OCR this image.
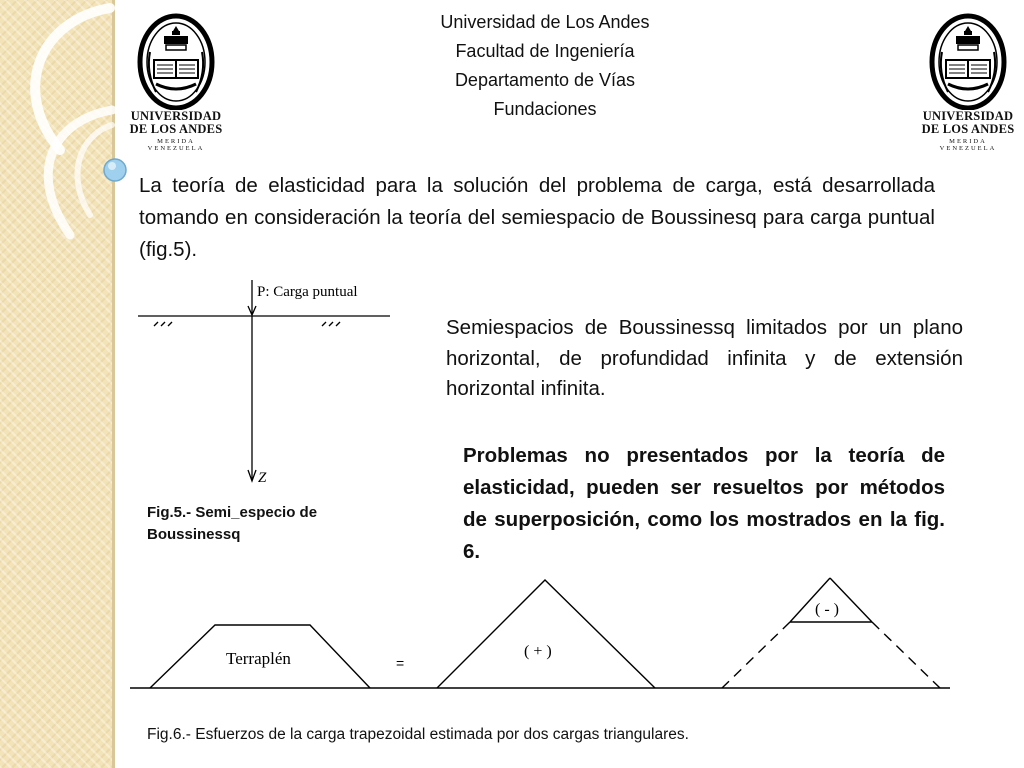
UNIVERSIDAD
DE LOS ANDES
MERIDA VENEZUELA
UNIVERSIDAD
DE LOS ANDES
MERIDA VENEZUELA
Universidad de Los Andes
Facultad de Ingeniería
Departamento de Vías
Fundaciones
La teoría de elasticidad para la solución del problema de carga, está desarrollada tomando en consideración la teoría del semiespacio de Boussinesq para carga puntual (fig.5).
Semiespacios de Boussinessq limitados por un plano horizontal, de profundidad infinita y de extensión horizontal infinita.
Problemas no presentados por la teoría de elasticidad, pueden ser resueltos por métodos de superposición, como los mostrados en la fig. 6.
P: Carga puntual
Z
Fig.5.- Semi_especio de Boussinessq
Terraplén	=
( + )
( - )
Fig.6.- Esfuerzos de la carga trapezoidal estimada por dos cargas triangulares.
